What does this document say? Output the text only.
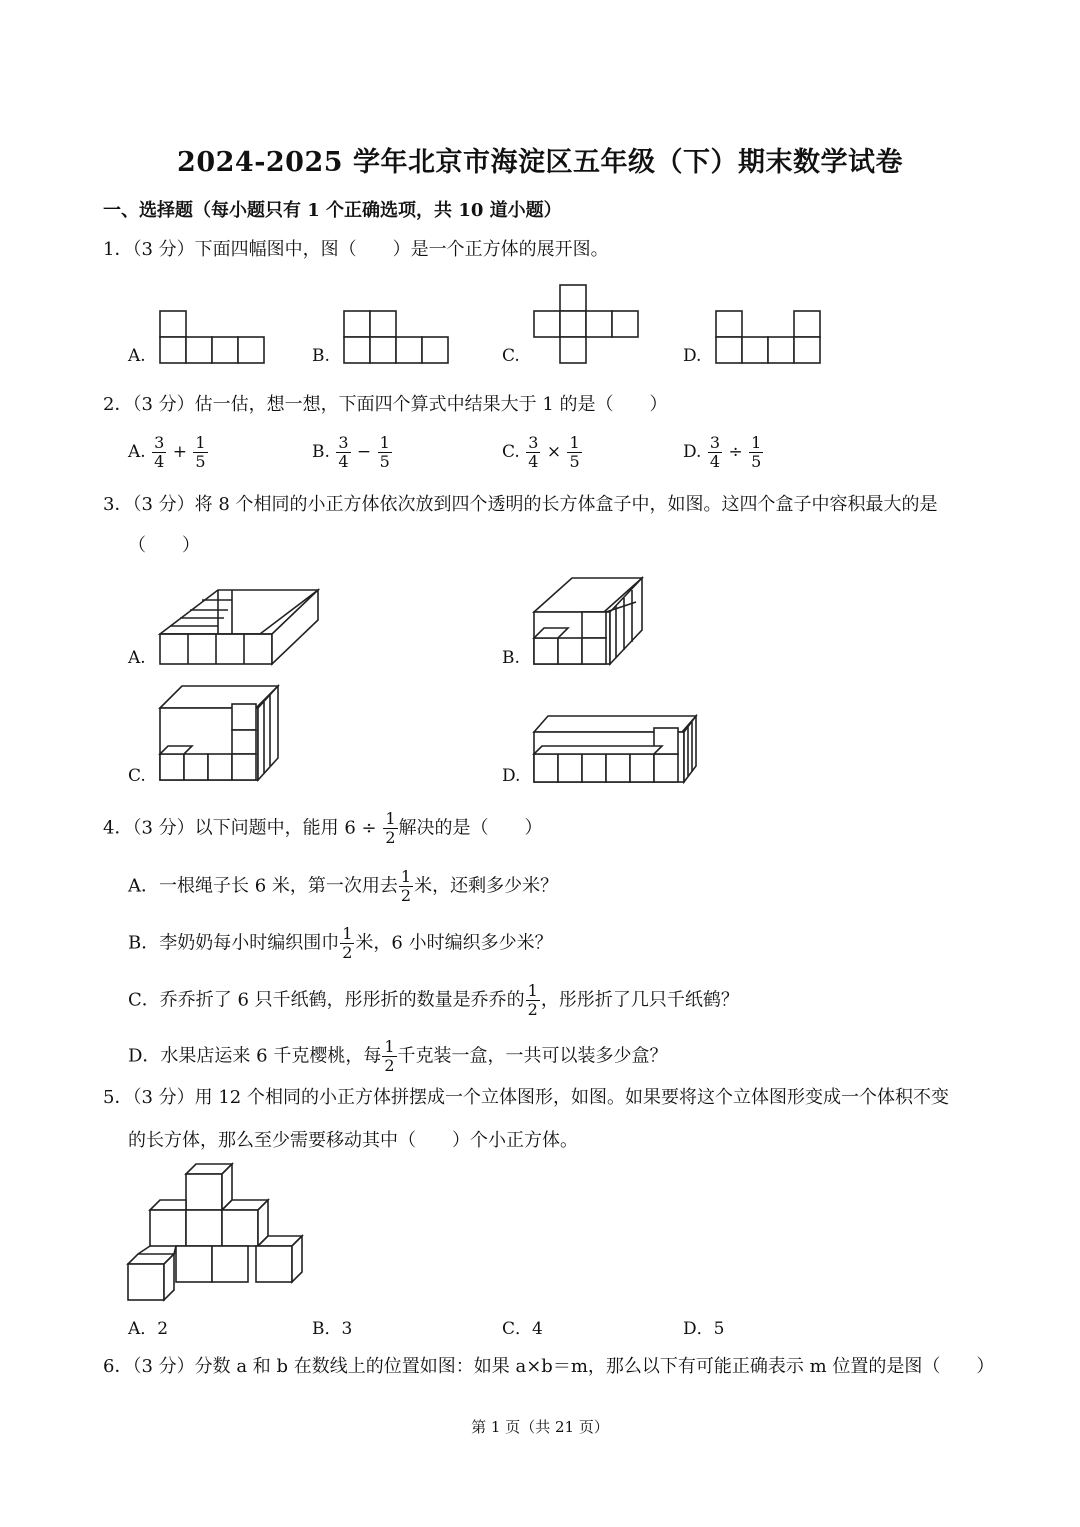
2024-2025 学年北京市海淀区五年级（下）期末数学试卷
一、选择题（每小题只有 1 个正确选项，共 10 道小题）
1．（3 分）下面四幅图中，图（　　）是一个正方体的展开图。
A.	B.	C.	D.
2．（3 分）估一估，想一想，下面四个算式中结果大于 1 的是（　　）
A. $\frac{3}{4} + \frac{1}{5}$	B. $\frac{3}{4} - \frac{1}{5}$	C. $\frac{3}{4} \times \frac{1}{5}$	D. $\frac{3}{4} \div \frac{1}{5}$
3．（3 分）将 8 个相同的小正方体依次放到四个透明的长方体盒子中，如图。这四个盒子中容积最大的是
（　　）
A.	B.
C.	D.
4．（3 分）以下问题中，能用 $6 \div \frac{1}{2}$ 解决的是（　　）
A．一根绳子长 6 米，第一次用去 $\frac{1}{2}$ 米，还剩多少米？
B．李奶奶每小时编织围巾 $\frac{1}{2}$ 米，6 小时编织多少米？
C．乔乔折了 6 只千纸鹤，彤彤折的数量是乔乔的 $\frac{1}{2}$ ，彤彤折了几只千纸鹤？
D．水果店运来 6 千克樱桃，每 $\frac{1}{2}$ 千克装一盒，一共可以装多少盒？
5．（3 分）用 12 个相同的小正方体拼摆成一个立体图形，如图。如果要将这个立体图形变成一个体积不变
的长方体，那么至少需要移动其中（　　）个小正方体。
A．2	B．3	C．4	D．5
6．（3 分）分数 a 和 b 在数线上的位置如图：如果 a×b＝m，那么以下有可能正确表示 m 位置的是图（　　）
第 1 页（共 21 页）
